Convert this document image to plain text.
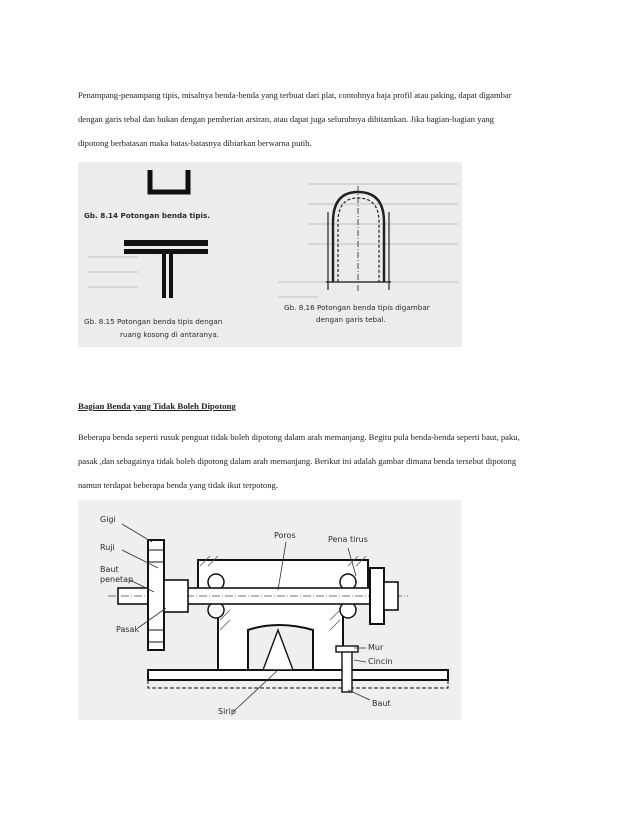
Penampang-penampang tipis, misalnya benda-benda yang terbuat dari plat, contohnya baja profil atau paking, dapat digambar

dengan garis tebal dan bukan dengan pemberian arsiran, atau dapat juga seluruhnya dihitamkan. Jika bagian-bagian yang

dipotong berbatasan maka batas-batasnya dibiarkan berwarna putih.

Gb. 8.14 Potongan benda tipis.
Gb. 8.15 Potongan benda tipis dengan
ruang kosong di antaranya.
Gb. 8.16 Potongan benda tipis digambar
dengan garis tebal.

Bagian Benda yang Tidak Boleh Dipotong

Beberapa benda seperti rusuk penguat tidak boleh dipotong dalam arah memanjang. Begitu pula benda-benda seperti baut, paku,

pasak ,dan sebagainya tidak boleh dipotong dalam arah memanjang. Berikut ini adalah gambar dimana benda tersebut dipotong

namun terdapat beberapa benda yang tidak ikut terpotong.

Gigi
Ruji
Baut
penetap
Pasak
Poros	Pena tirus
Mur
Cincin
Baut
Sirip
